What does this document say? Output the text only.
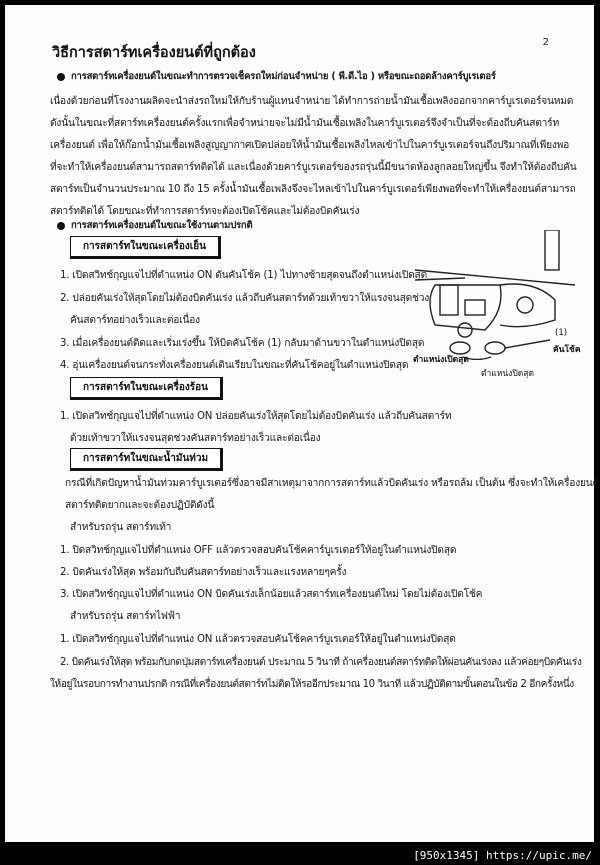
2
วิธีการสตาร์ทเครื่องยนต์ที่ถูกต้อง
การสตาร์ทเครื่องยนต์ในขณะทำการตรวจเช็ครถใหม่ก่อนจำหน่าย ( พี.ดี.ไอ ) หรือขณะถอดล้างคาร์บูเรเตอร์
เนื่องด้วยก่อนที่โรงงานผลิตจะนำส่งรถใหม่ให้กับร้านผู้แทนจำหน่าย ได้ทำการถ่ายน้ำมันเชื้อเพลิงออกจากคาร์บูเรเตอร์จนหมด
ดังนั้นในขณะที่สตาร์ทเครื่องยนต์ครั้งแรกเพื่อจำหน่ายจะไม่มีน้ำมันเชื้อเพลิงในคาร์บูเรเตอร์จึงจำเป็นที่จะต้องถีบคันสตาร์ท
เครื่องยนต์ เพื่อให้ก๊อกน้ำมันเชื้อเพลิงสูญญากาศเปิดปล่อยให้น้ำมันเชื้อเพลิงไหลเข้าไปในคาร์บูเรเตอร์จนถึงปริมาณที่เพียงพอ
ที่จะทำให้เครื่องยนต์สามารถสตาร์ทติดได้ และเนื่องด้วยคาร์บูเรเตอร์ของรถรุ่นนี้มีขนาดห้องลูกลอยใหญ่ขึ้น จึงทำให้ต้องถีบคัน
สตาร์ทเป็นจำนวนประมาณ 10 ถึง 15 ครั้งน้ำมันเชื้อเพลิงจึงจะไหลเข้าไปในคาร์บูเรเตอร์เพียงพอที่จะทำให้เครื่องยนต์สามารถ
สตาร์ทติดได้ โดยขณะที่ทำการสตาร์ทจะต้องเปิดโช้คและไม่ต้องบิดคันเร่ง
การสตาร์ทเครื่องยนต์ในขณะใช้งานตามปรกติ
การสตาร์ทในขณะเครื่องเย็น
1. เปิดสวิทช์กุญแจไปที่ตำแหน่ง ON ดันคันโช้ค (1) ไปทางซ้ายสุดจนถึงตำแหน่งเปิดสุด
2. ปล่อยคันเร่งให้สุดโดยไม่ต้องบิดคันเร่ง แล้วถีบคันสตาร์ทด้วยเท้าขวาให้แรงจนสุดช่วง
คันสตาร์ทอย่างเร็วและต่อเนื่อง
3. เมื่อเครื่องยนต์ติดและเริ่มเร่งขึ้น ให้บิดคันโช้ค (1) กลับมาด้านขวาในตำแหน่งปิดสุด
4. อุ่นเครื่องยนต์จนกระทั่งเครื่องยนต์เดินเรียบในขณะที่คันโช้คอยู่ในตำแหน่งปิดสุด
(1)
คันโช้ค
ตำแหน่งเปิดสุด
ตำแหน่งปิดสุด
การสตาร์ทในขณะเครื่องร้อน
1. เปิดสวิทช์กุญแจไปที่ตำแหน่ง ON ปล่อยคันเร่งให้สุดโดยไม่ต้องบิดคันเร่ง แล้วถีบคันสตาร์ท
ด้วยเท้าขวาให้แรงจนสุดช่วงคันสตาร์ทอย่างเร็วและต่อเนื่อง
การสตาร์ทในขณะน้ำมันท่วม
กรณีที่เกิดปัญหาน้ำมันท่วมคาร์บูเรเตอร์ซึ่งอาจมีสาเหตุมาจากการสตาร์ทแล้วบิดคันเร่ง หรือรถล้ม เป็นต้น ซึ่งจะทำให้เครื่องยนต์
สตาร์ทติดยากและจะต้องปฏิบัติดังนี้
สำหรับรถรุ่น สตาร์ทเท้า
1. ปิดสวิทช์กุญแจไปที่ตำแหน่ง OFF แล้วตรวจสอบคันโช้คคาร์บูเรเตอร์ให้อยู่ในตำแหน่งปิดสุด
2. บิดคันเร่งให้สุด พร้อมกับถีบคันสตาร์ทอย่างเร็วและแรงหลายๆครั้ง
3. เปิดสวิทช์กุญแจไปที่ตำแหน่ง ON บิดคันเร่งเล็กน้อยแล้วสตาร์ทเครื่องยนต์ใหม่ โดยไม่ต้องเปิดโช้ค
สำหรับรถรุ่น สตาร์ทไฟฟ้า
1. เปิดสวิทช์กุญแจไปที่ตำแหน่ง ON แล้วตรวจสอบคันโช้คคาร์บูเรเตอร์ให้อยู่ในตำแหน่งปิดสุด
2. บิดคันเร่งให้สุด พร้อมกับกดปุ่มสตาร์ทเครื่องยนต์ ประมาณ 5 วินาที ถ้าเครื่องยนต์สตาร์ทติดให้ผ่อนคันเร่งลง แล้วค่อยๆบิดคันเร่ง
ให้อยู่ในรอบการทำงานปรกติ กรณีที่เครื่องยนต์สตาร์ทไม่ติดให้รออีกประมาณ 10 วินาที แล้วปฏิบัติตามขั้นตอนในข้อ 2 อีกครั้งหนึ่ง
[950x1345] https://upic.me/
